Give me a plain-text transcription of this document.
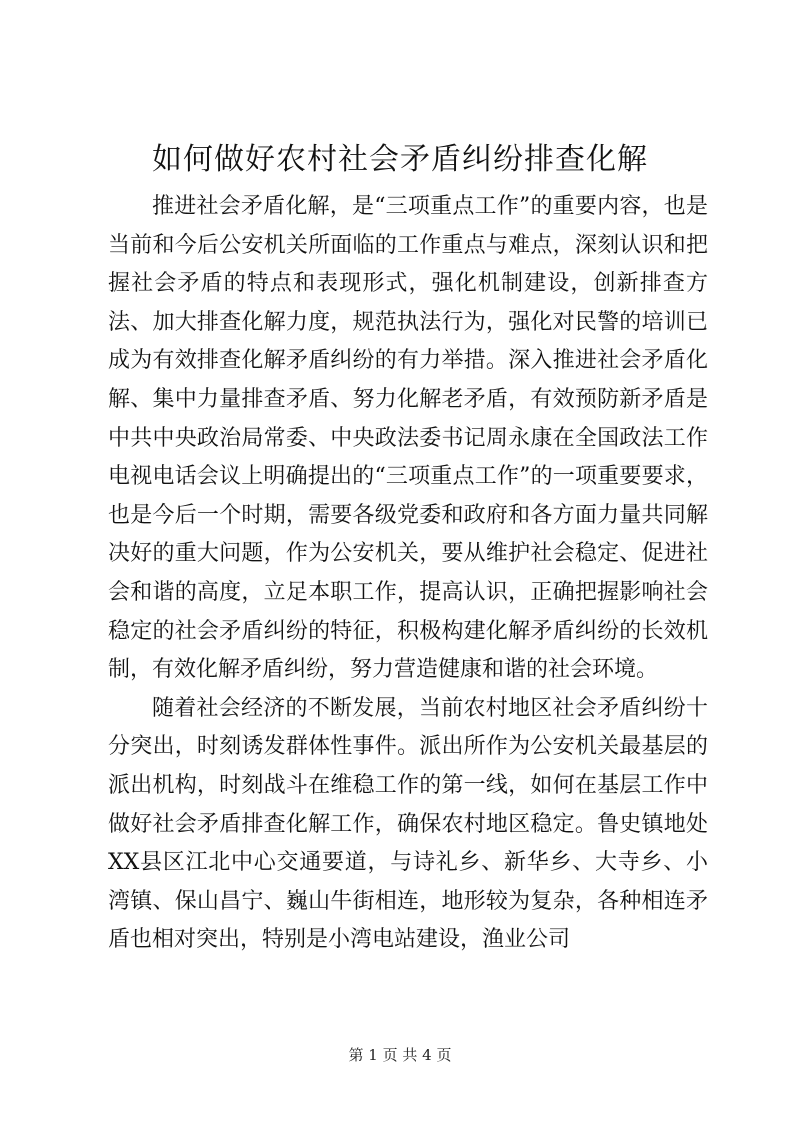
如何做好农村社会矛盾纠纷排查化解

推进社会矛盾化解，是“三项重点工作”的重要内容，也是当前和今后公安机关所面临的工作重点与难点，深刻认识和把握社会矛盾的特点和表现形式，强化机制建设，创新排查方法、加大排查化解力度，规范执法行为，强化对民警的培训已成为有效排查化解矛盾纠纷的有力举措。深入推进社会矛盾化解、集中力量排查矛盾、努力化解老矛盾，有效预防新矛盾是中共中央政治局常委、中央政法委书记周永康在全国政法工作电视电话会议上明确提出的“三项重点工作”的一项重要要求，也是今后一个时期，需要各级党委和政府和各方面力量共同解决好的重大问题，作为公安机关，要从维护社会稳定、促进社会和谐的高度，立足本职工作，提高认识，正确把握影响社会稳定的社会矛盾纠纷的特征，积极构建化解矛盾纠纷的长效机制，有效化解矛盾纠纷，努力营造健康和谐的社会环境。

随着社会经济的不断发展，当前农村地区社会矛盾纠纷十分突出，时刻诱发群体性事件。派出所作为公安机关最基层的派出机构，时刻战斗在维稳工作的第一线，如何在基层工作中做好社会矛盾排查化解工作，确保农村地区稳定。鲁史镇地处XX县区江北中心交通要道，与诗礼乡、新华乡、大寺乡、小湾镇、保山昌宁、巍山牛街相连，地形较为复杂，各种相连矛盾也相对突出，特别是小湾电站建设，渔业公司

第 1 页 共 4 页
